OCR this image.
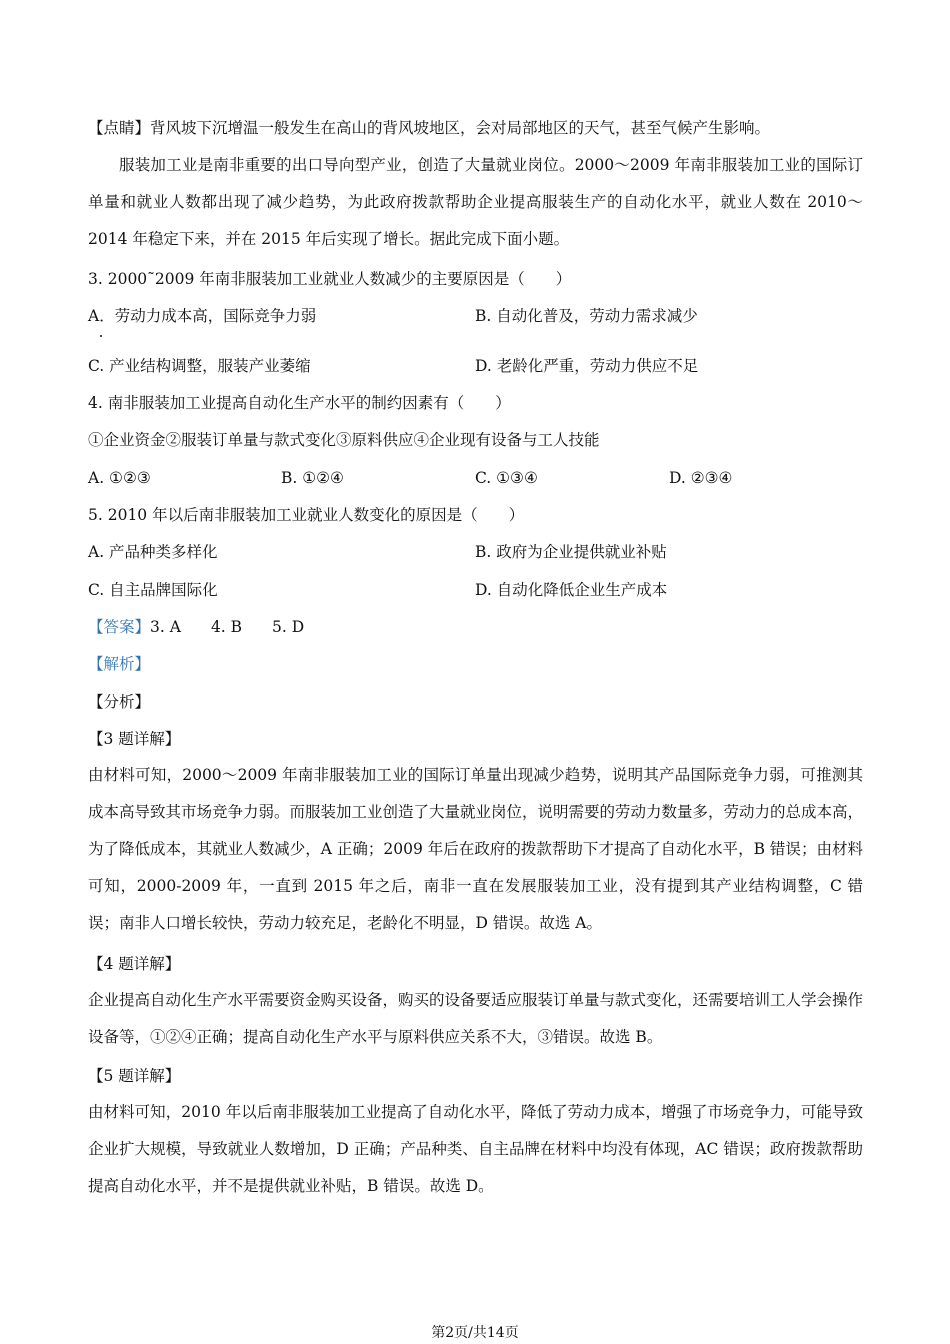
【点睛】背风坡下沉增温一般发生在高山的背风坡地区，会对局部地区的天气，甚至气候产生影响。
服装加工业是南非重要的出口导向型产业，创造了大量就业岗位。2000～2009 年南非服装加工业的国际订单量和就业人数都出现了减少趋势，为此政府拨款帮助企业提高服装生产的自动化水平，就业人数在 2010～2014 年稳定下来，并在 2015 年后实现了增长。据此完成下面小题。
3. 2000˜2009 年南非服装加工业就业人数减少的主要原因是（　　）
A．劳动力成本高，国际竞争力弱	B. 自动化普及，劳动力需求减少
C. 产业结构调整，服装产业萎缩	D. 老龄化严重，劳动力供应不足
4. 南非服装加工业提高自动化生产水平的制约因素有（　　）
①企业资金②服装订单量与款式变化③原料供应④企业现有设备与工人技能
A. ①②③	B. ①②④	C. ①③④	D. ②③④
5. 2010 年以后南非服装加工业就业人数变化的原因是（　　）
A. 产品种类多样化	B. 政府为企业提供就业补贴
C. 自主品牌国际化	D. 自动化降低企业生产成本
【答案】3. A 4. B 5. D
【解析】
【分析】
【3 题详解】
由材料可知，2000～2009 年南非服装加工业的国际订单量出现减少趋势，说明其产品国际竞争力弱，可推测其成本高导致其市场竞争力弱。而服装加工业创造了大量就业岗位，说明需要的劳动力数量多，劳动力的总成本高，为了降低成本，其就业人数减少，A 正确；2009 年后在政府的拨款帮助下才提高了自动化水平，B 错误；由材料可知，2000-2009 年，一直到 2015 年之后，南非一直在发展服装加工业，没有提到其产业结构调整，C 错误；南非人口增长较快，劳动力较充足，老龄化不明显，D 错误。故选 A。
【4 题详解】
企业提高自动化生产水平需要资金购买设备，购买的设备要适应服装订单量与款式变化，还需要培训工人学会操作设备等，①②④正确；提高自动化生产水平与原料供应关系不大，③错误。故选 B。
【5 题详解】
由材料可知，2010 年以后南非服装加工业提高了自动化水平，降低了劳动力成本，增强了市场竞争力，可能导致企业扩大规模，导致就业人数增加，D 正确；产品种类、自主品牌在材料中均没有体现，AC 错误；政府拨款帮助提高自动化水平，并不是提供就业补贴，B 错误。故选 D。
第2页/共14页
